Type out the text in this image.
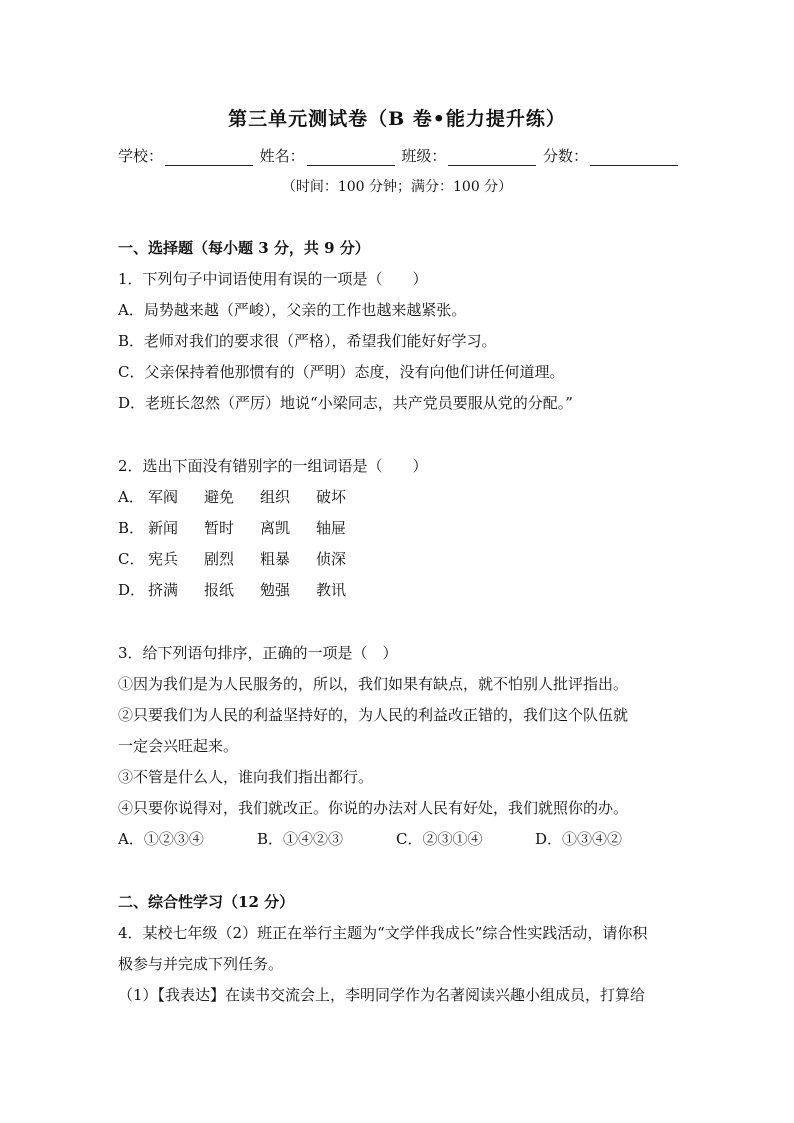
第三单元测试卷（B 卷•能力提升练）
学校：	姓名：	班级：	分数：
（时间：100 分钟；满分：100 分）
一、选择题（每小题 3 分，共 9 分）
1．下列句子中词语使用有误的一项是（　　）
A．局势越来越（严峻），父亲的工作也越来越紧张。
B．老师对我们的要求很（严格），希望我们能好好学习。
C．父亲保持着他那惯有的（严明）态度，没有向他们讲任何道理。
D．老班长忽然（严厉）地说“小梁同志，共产党员要服从党的分配。”
2．选出下面没有错别字的一组词语是（　　）
A． 军阀	避免	组织	破坏
B． 新闻	暂时	离凯	轴屉
C． 宪兵	剧烈	粗暴	侦深
D． 挤满	报纸	勉强	教讯
3．给下列语句排序，正确的一项是（　）
①因为我们是为人民服务的，所以，我们如果有缺点，就不怕别人批评指出。
②只要我们为人民的利益坚持好的，为人民的利益改正错的，我们这个队伍就
一定会兴旺起来。
③不管是什么人，谁向我们指出都行。
④只要你说得对，我们就改正。你说的办法对人民有好处，我们就照你的办。
A．①②③④	B．①④②③	C．②③①④	D．①③④②
二、综合性学习（12 分）
4．某校七年级（2）班正在举行主题为“文学伴我成长”综合性实践活动，请你积
极参与并完成下列任务。
（1）【我表达】在读书交流会上，李明同学作为名著阅读兴趣小组成员，打算给
